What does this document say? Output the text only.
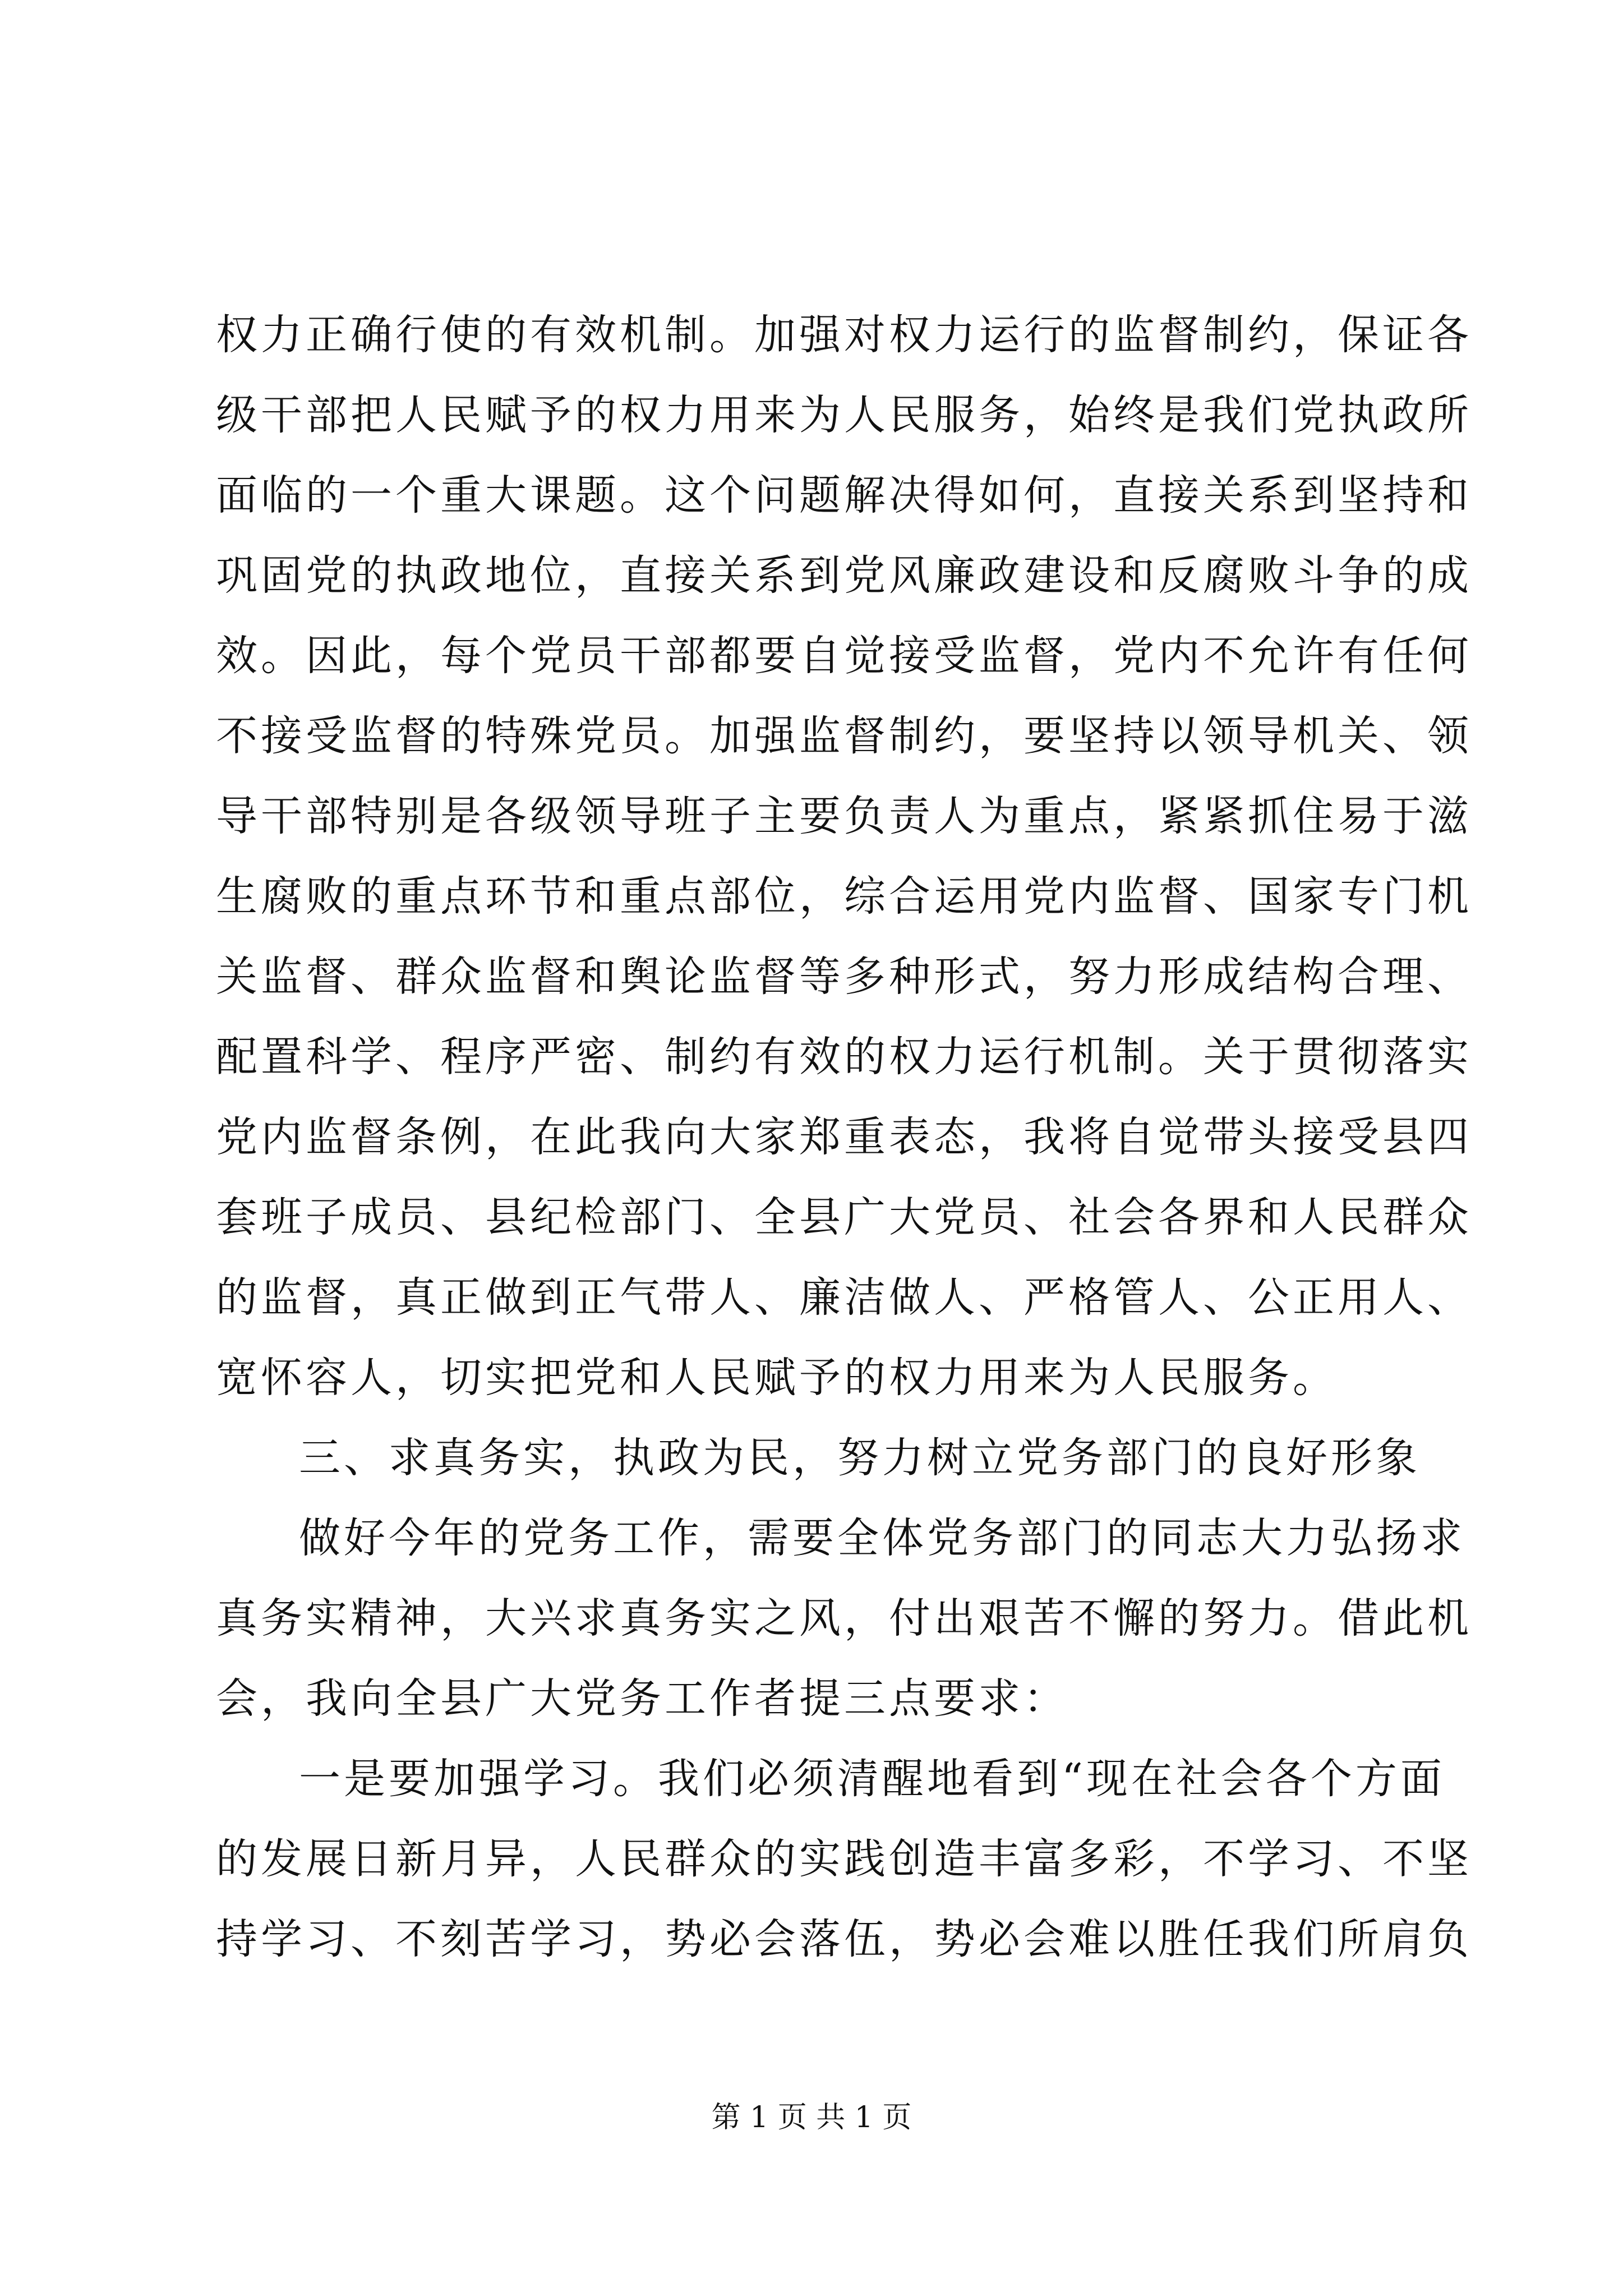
权力正确行使的有效机制。加强对权力运行的监督制约，保证各
级干部把人民赋予的权力用来为人民服务，始终是我们党执政所
面临的一个重大课题。这个问题解决得如何，直接关系到坚持和
巩固党的执政地位，直接关系到党风廉政建设和反腐败斗争的成
效。因此，每个党员干部都要自觉接受监督，党内不允许有任何
不接受监督的特殊党员。加强监督制约，要坚持以领导机关、领
导干部特别是各级领导班子主要负责人为重点，紧紧抓住易于滋
生腐败的重点环节和重点部位，综合运用党内监督、国家专门机
关监督、群众监督和舆论监督等多种形式，努力形成结构合理、
配置科学、程序严密、制约有效的权力运行机制。关于贯彻落实
党内监督条例，在此我向大家郑重表态，我将自觉带头接受县四
套班子成员、县纪检部门、全县广大党员、社会各界和人民群众
的监督，真正做到正气带人、廉洁做人、严格管人、公正用人、
宽怀容人，切实把党和人民赋予的权力用来为人民服务。
三、求真务实，执政为民，努力树立党务部门的良好形象
做好今年的党务工作，需要全体党务部门的同志大力弘扬求
真务实精神，大兴求真务实之风，付出艰苦不懈的努力。借此机
会，我向全县广大党务工作者提三点要求：
一是要加强学习。我们必须清醒地看到“现在社会各个方面
的发展日新月异，人民群众的实践创造丰富多彩，不学习、不坚
持学习、不刻苦学习，势必会落伍，势必会难以胜任我们所肩负
第 1 页 共 1 页
